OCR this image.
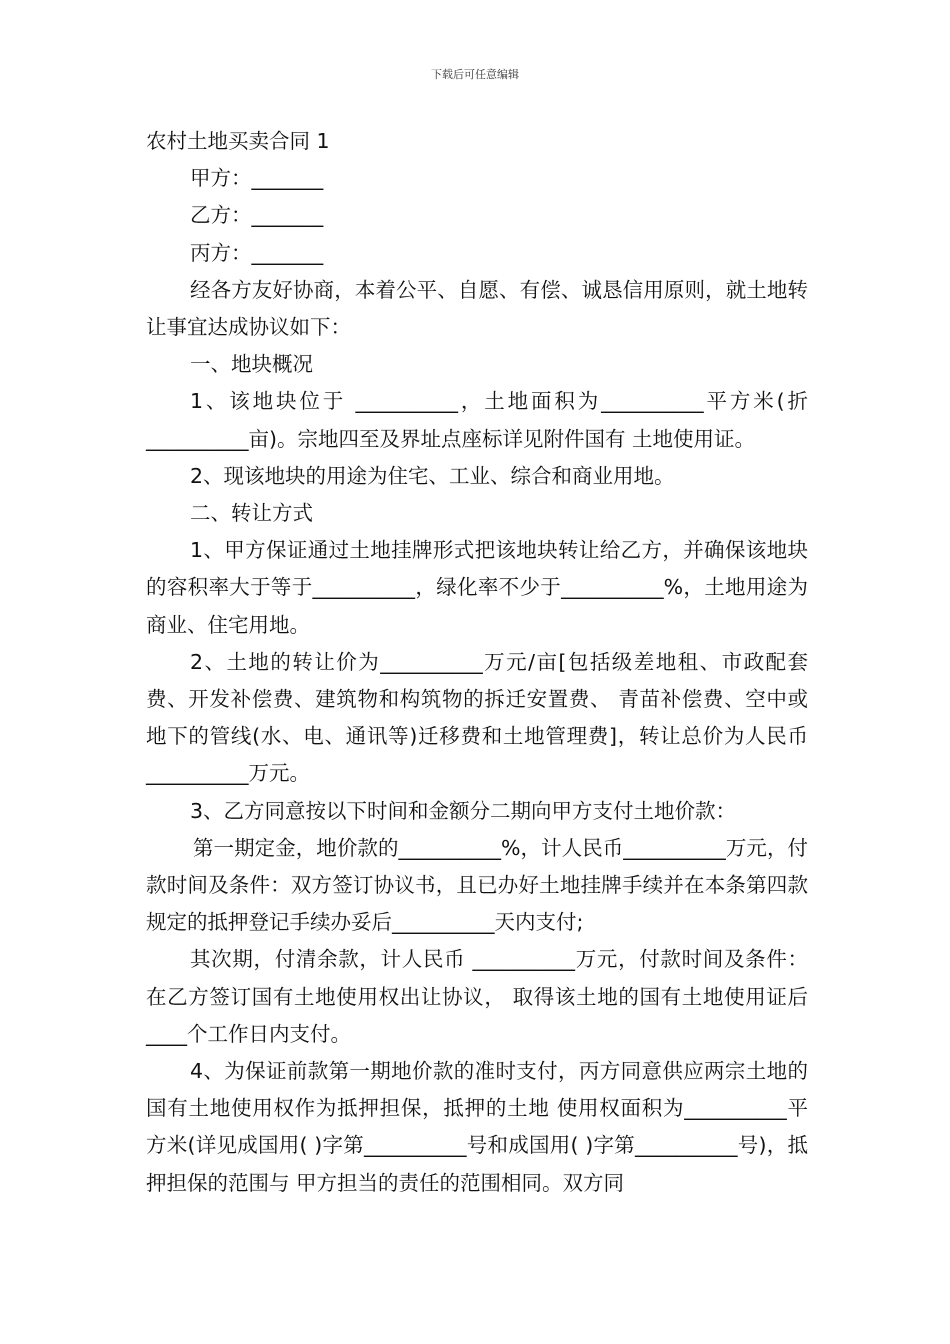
下载后可任意编辑

农村土地买卖合同 1

甲方：_______

乙方：_______

丙方：_______

经各方友好协商，本着公平、自愿、有偿、诚恳信用原则，就土地转让事宜达成协议如下：

一、地块概况

1、该地块位于 __________，土地面积为__________平方米(折__________亩)。宗地四至及界址点座标详见附件国有 土地使用证。

2、现该地块的用途为住宅、工业、综合和商业用地。

二、转让方式

1、甲方保证通过土地挂牌形式把该地块转让给乙方，并确保该地块的容积率大于等于__________，绿化率不少于__________%，土地用途为商业、住宅用地。

2、土地的转让价为__________万元/亩[包括级差地租、市政配套费、开发补偿费、建筑物和构筑物的拆迁安置费、 青苗补偿费、空中或地下的管线(水、电、通讯等)迁移费和土地管理费]，转让总价为人民币__________万元。

3、乙方同意按以下时间和金额分二期向甲方支付土地价款：

第一期定金，地价款的__________%，计人民币__________万元，付款时间及条件：双方签订协议书，且已办好土地挂牌手续并在本条第四款规定的抵押登记手续办妥后__________天内支付;

其次期，付清余款，计人民币 __________万元，付款时间及条件：在乙方签订国有土地使用权出让协议， 取得该土地的国有土地使用证后____个工作日内支付。

4、为保证前款第一期地价款的准时支付，丙方同意供应两宗土地的国有土地使用权作为抵押担保，抵押的土地 使用权面积为__________平方米(详见成国用( )字第__________号和成国用( )字第__________号)，抵押担保的范围与 甲方担当的责任的范围相同。双方同
